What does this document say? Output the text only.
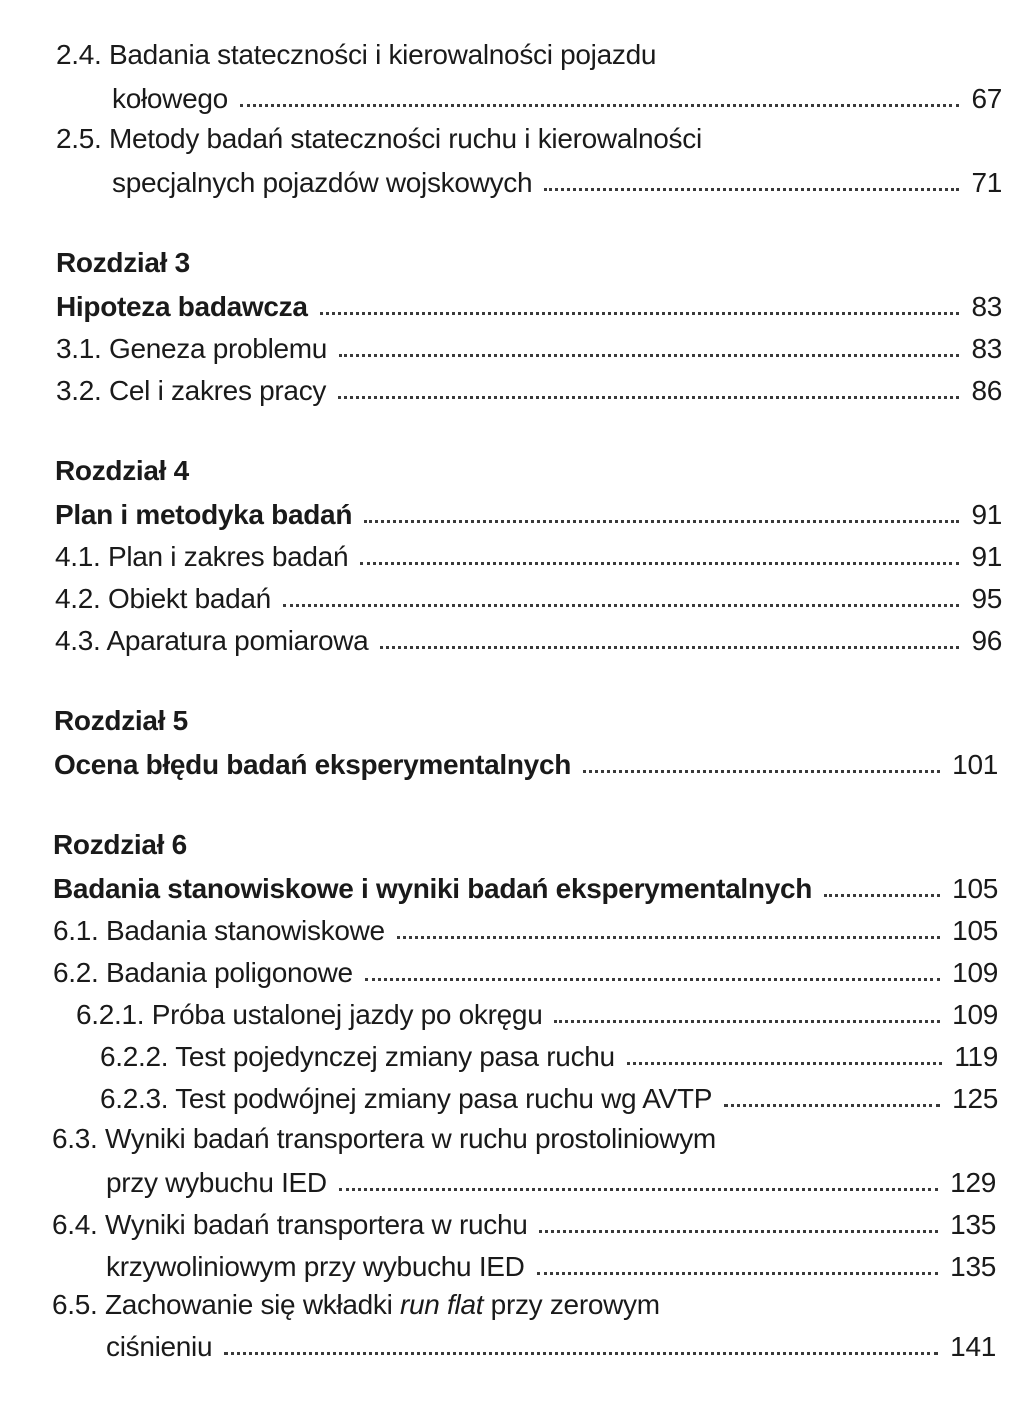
2.4. Badania stateczności i kierowalności pojazdu
kołowego	67
2.5. Metody badań stateczności ruchu i kierowalności
specjalnych pojazdów wojskowych	71
Rozdział 3
Hipoteza badawcza	83
3.1. Geneza problemu	83
3.2. Cel i zakres pracy	86
Rozdział 4
Plan i metodyka badań	91
4.1. Plan i zakres badań	91
4.2. Obiekt badań	95
4.3. Aparatura pomiarowa	96
Rozdział 5
Ocena błędu badań eksperymentalnych	101
Rozdział 6
Badania stanowiskowe i wyniki badań eksperymentalnych	105
6.1. Badania stanowiskowe	105
6.2. Badania poligonowe	109
6.2.1. Próba ustalonej jazdy po okręgu	109
6.2.2. Test pojedynczej zmiany pasa ruchu	119
6.2.3. Test podwójnej zmiany pasa ruchu wg AVTP	125
6.3. Wyniki badań transportera w ruchu prostoliniowym
przy wybuchu IED	129
6.4. Wyniki badań transportera w ruchu	135
krzywoliniowym przy wybuchu IED	135
6.5. Zachowanie się wkładki run flat przy zerowym
ciśnieniu	141
